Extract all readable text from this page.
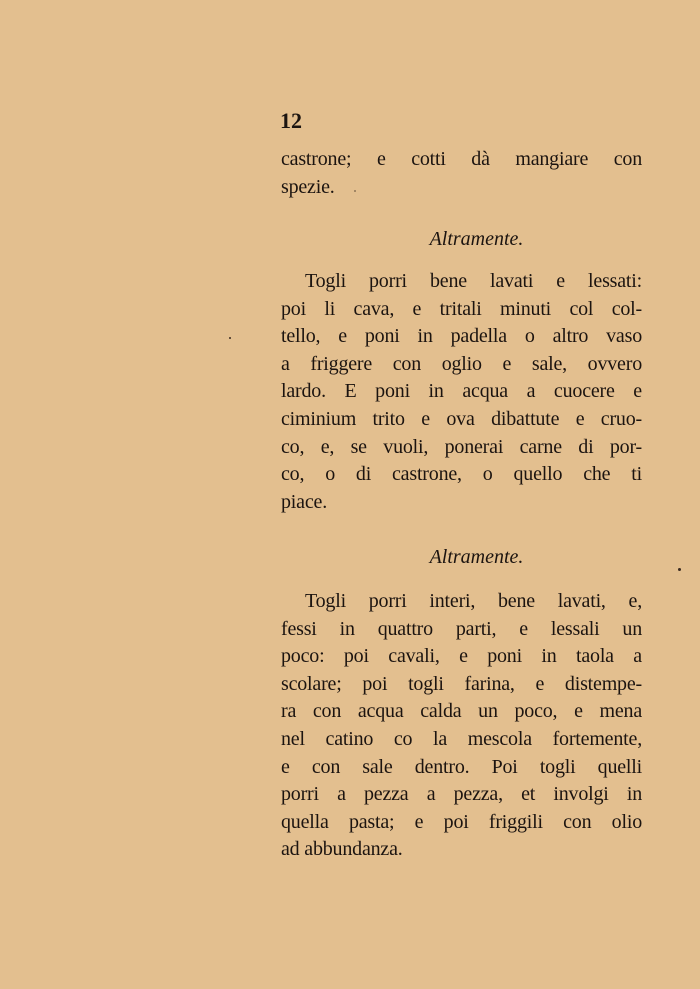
12
castrone; e cotti dà mangiare con
spezie.
Altramente.
Togli porri bene lavati e lessati:
poi li cava, e tritali minuti col col-
tello, e poni in padella o altro vaso
a friggere con oglio e sale, ovvero
lardo. E poni in acqua a cuocere e
ciminium trito e ova dibattute e cruo-
co, e, se vuoli, ponerai carne di por-
co, o di castrone, o quello che ti
piace.
Altramente.
Togli porri interi, bene lavati, e,
fessi in quattro parti, e lessali un
poco: poi cavali, e poni in taola a
scolare; poi togli farina, e distempe-
ra con acqua calda un poco, e mena
nel catino co la mescola fortemente,
e con sale dentro. Poi togli quelli
porri a pezza a pezza, et involgi in
quella pasta; e poi friggili con olio
ad abbundanza.
